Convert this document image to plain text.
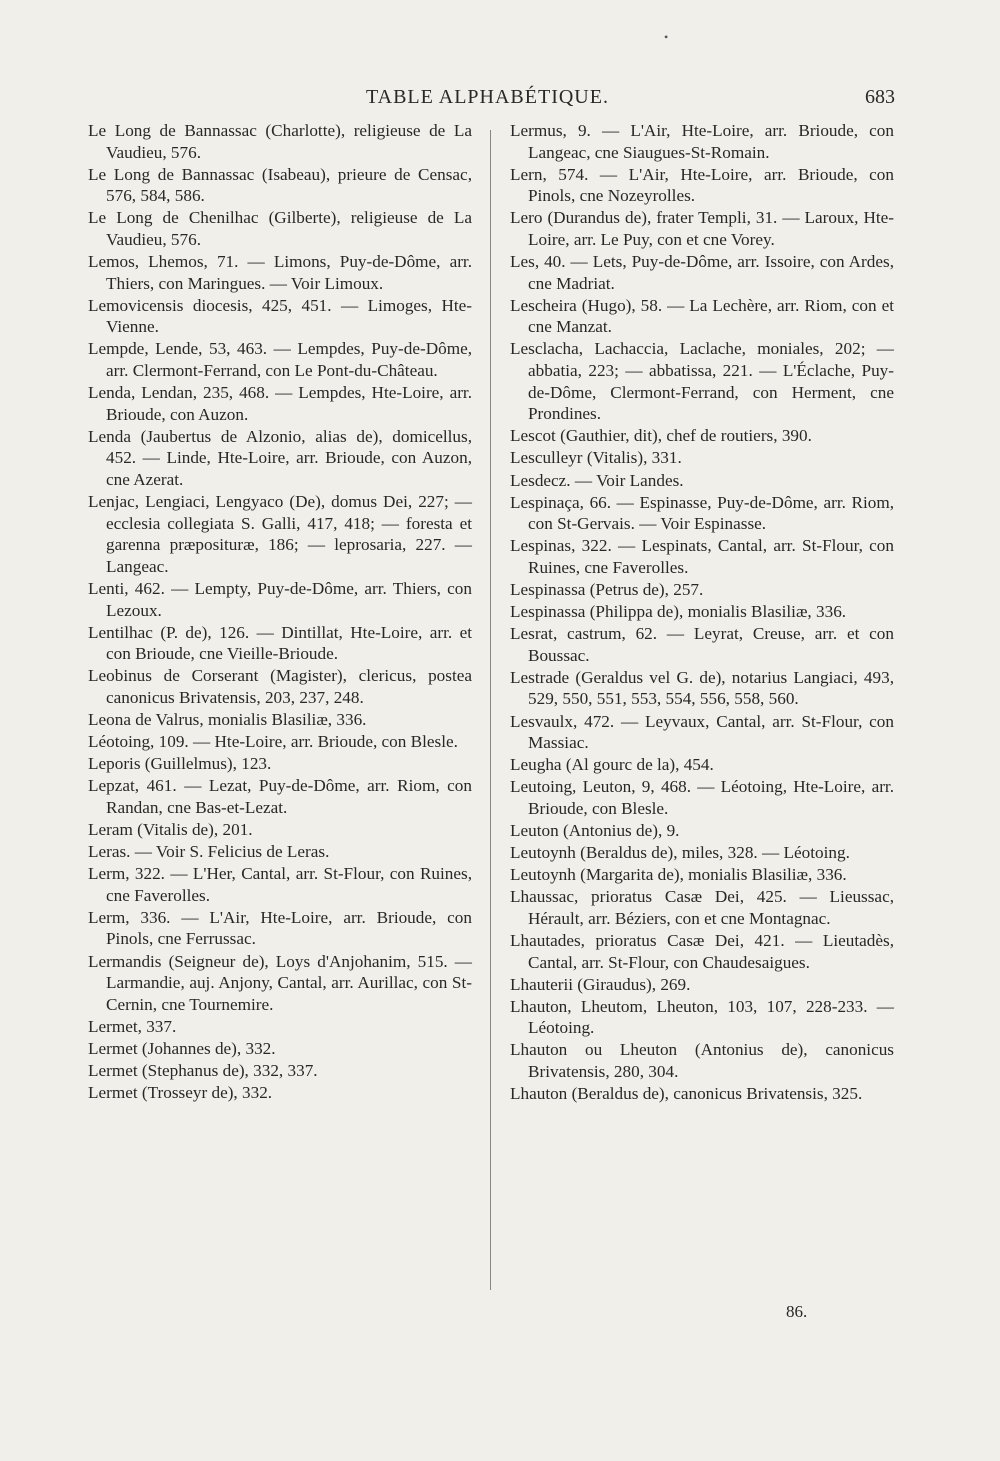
•
TABLE ALPHABÉTIQUE.	683

Le Long de Bannassac (Charlotte), religieuse de La Vaudieu, 576.

Le Long de Bannassac (Isabeau), prieure de Censac, 576, 584, 586.

Le Long de Chenilhac (Gilberte), religieuse de La Vaudieu, 576.

Lemos, Lhemos, 71. — Limons, Puy-de-Dôme, arr. Thiers, con Maringues. — Voir Limoux.

Lemovicensis diocesis, 425, 451. — Limoges, Hte-Vienne.

Lempde, Lende, 53, 463. — Lempdes, Puy-de-Dôme, arr. Clermont-Ferrand, con Le Pont-du-Château.

Lenda, Lendan, 235, 468. — Lempdes, Hte-Loire, arr. Brioude, con Auzon.

Lenda (Jaubertus de Alzonio, alias de), domicellus, 452. — Linde, Hte-Loire, arr. Brioude, con Auzon, cne Azerat.

Lenjac, Lengiaci, Lengyaco (De), domus Dei, 227; — ecclesia collegiata S. Galli, 417, 418; — foresta et garenna præposituræ, 186; — leprosaria, 227. — Langeac.

Lenti, 462. — Lempty, Puy-de-Dôme, arr. Thiers, con Lezoux.

Lentilhac (P. de), 126. — Dintillat, Hte-Loire, arr. et con Brioude, cne Vieille-Brioude.

Leobinus de Corserant (Magister), clericus, postea canonicus Brivatensis, 203, 237, 248.

Leona de Valrus, monialis Blasiliæ, 336.

Léotoing, 109. — Hte-Loire, arr. Brioude, con Blesle.

Leporis (Guillelmus), 123.

Lepzat, 461. — Lezat, Puy-de-Dôme, arr. Riom, con Randan, cne Bas-et-Lezat.

Leram (Vitalis de), 201.

Leras. — Voir S. Felicius de Leras.

Lerm, 322. — L'Her, Cantal, arr. St-Flour, con Ruines, cne Faverolles.

Lerm, 336. — L'Air, Hte-Loire, arr. Brioude, con Pinols, cne Ferrussac.

Lermandis (Seigneur de), Loys d'Anjohanim, 515. — Larmandie, auj. Anjony, Cantal, arr. Aurillac, con St-Cernin, cne Tournemire.

Lermet, 337.

Lermet (Johannes de), 332.

Lermet (Stephanus de), 332, 337.

Lermet (Trosseyr de), 332.

Lermus, 9. — L'Air, Hte-Loire, arr. Brioude, con Langeac, cne Siaugues-St-Romain.

Lern, 574. — L'Air, Hte-Loire, arr. Brioude, con Pinols, cne Nozeyrolles.

Lero (Durandus de), frater Templi, 31. — Laroux, Hte-Loire, arr. Le Puy, con et cne Vorey.

Les, 40. — Lets, Puy-de-Dôme, arr. Issoire, con Ardes, cne Madriat.

Lescheira (Hugo), 58. — La Lechère, arr. Riom, con et cne Manzat.

Lesclacha, Lachaccia, Laclache, moniales, 202; — abbatia, 223; — abbatissa, 221. — L'Éclache, Puy-de-Dôme, Clermont-Ferrand, con Herment, cne Prondines.

Lescot (Gauthier, dit), chef de routiers, 390.

Lesculleyr (Vitalis), 331.

Lesdecz. — Voir Landes.

Lespinaça, 66. — Espinasse, Puy-de-Dôme, arr. Riom, con St-Gervais. — Voir Espinasse.

Lespinas, 322. — Lespinats, Cantal, arr. St-Flour, con Ruines, cne Faverolles.

Lespinassa (Petrus de), 257.

Lespinassa (Philippa de), monialis Blasiliæ, 336.

Lesrat, castrum, 62. — Leyrat, Creuse, arr. et con Boussac.

Lestrade (Geraldus vel G. de), notarius Langiaci, 493, 529, 550, 551, 553, 554, 556, 558, 560.

Lesvaulx, 472. — Leyvaux, Cantal, arr. St-Flour, con Massiac.

Leugha (Al gourc de la), 454.

Leutoing, Leuton, 9, 468. — Léotoing, Hte-Loire, arr. Brioude, con Blesle.

Leuton (Antonius de), 9.

Leutoynh (Beraldus de), miles, 328. — Léotoing.

Leutoynh (Margarita de), monialis Blasiliæ, 336.

Lhaussac, prioratus Casæ Dei, 425. — Lieussac, Hérault, arr. Béziers, con et cne Montagnac.

Lhautades, prioratus Casæ Dei, 421. — Lieutadès, Cantal, arr. St-Flour, con Chaudesaigues.

Lhauterii (Giraudus), 269.

Lhauton, Lheutom, Lheuton, 103, 107, 228-233. — Léotoing.

Lhauton ou Lheuton (Antonius de), canonicus Brivatensis, 280, 304.

Lhauton (Beraldus de), canonicus Brivatensis, 325.

86.
